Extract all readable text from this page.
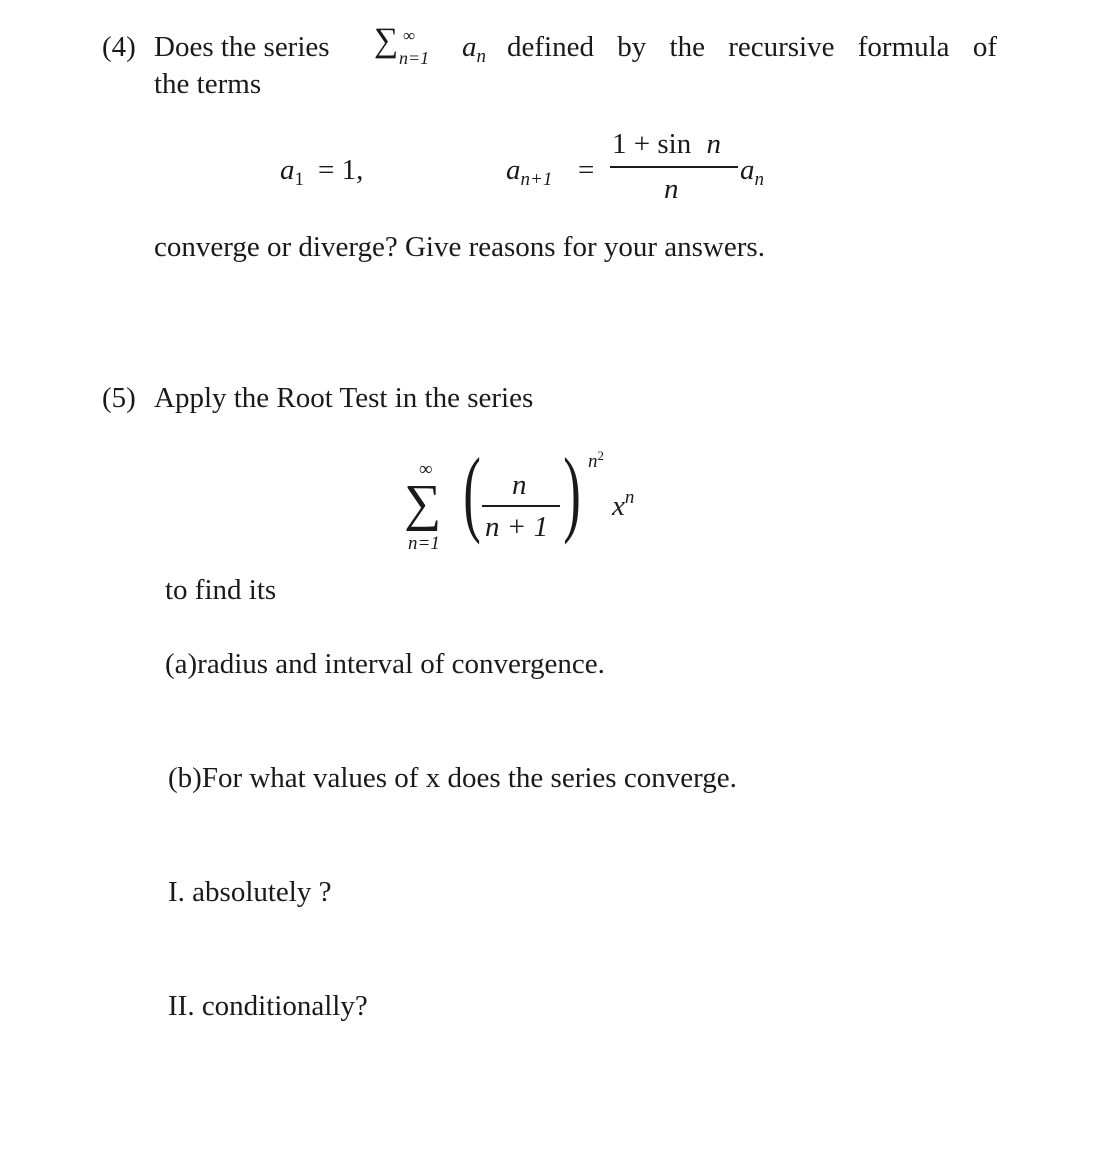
(4) Does the series ∑ ∞
n=1 $a_n$ defined by the recursive formula of
the terms
$a_1 = 1$,	$a_{n+1}$ =
1 + sin n
n
$a_n$
converge or diverge? Give reasons for your answers.
(5) Apply the Root Test in the series
∞
∑
n=1 ( n
n + 1 ) $n^2$
$x^n$
to find its
(a)radius and interval of convergence.
(b)For what values of x does the series converge.
I. absolutely ?
II. conditionally?
